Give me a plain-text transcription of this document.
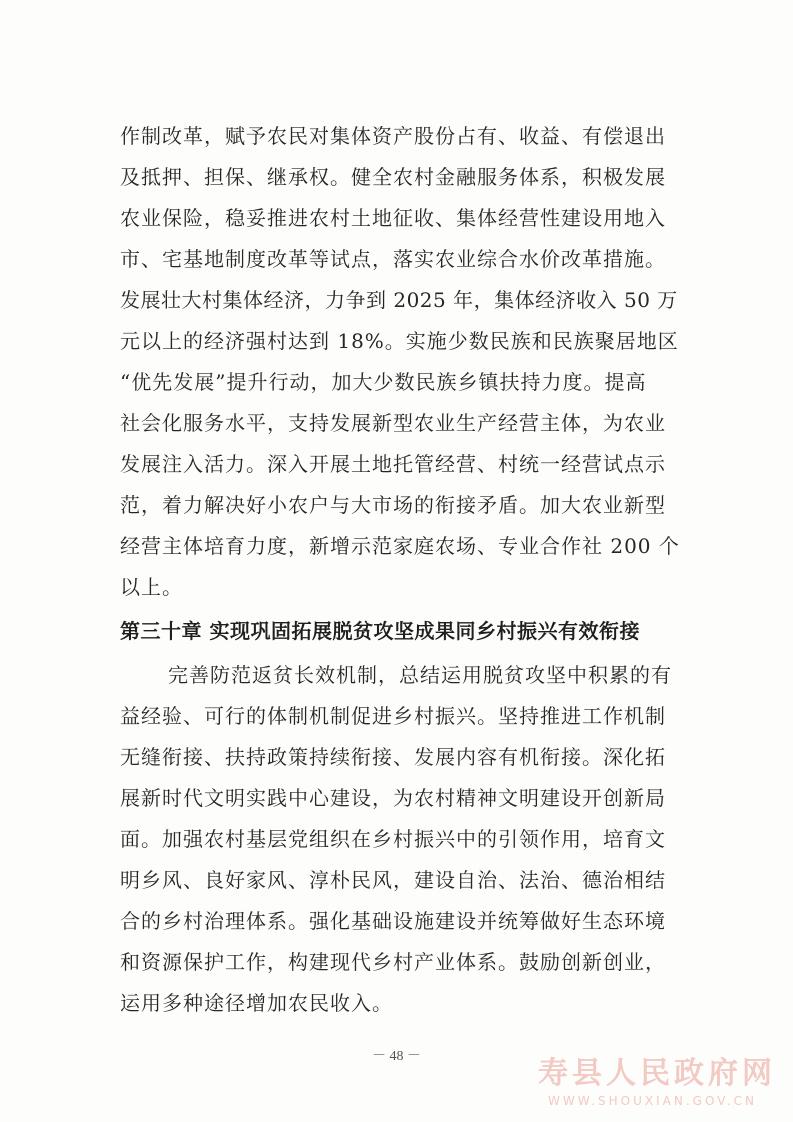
作制改革，赋予农民对集体资产股份占有、收益、有偿退出
及抵押、担保、继承权。健全农村金融服务体系，积极发展
农业保险，稳妥推进农村土地征收、集体经营性建设用地入
市、宅基地制度改革等试点，落实农业综合水价改革措施。
发展壮大村集体经济，力争到 2025 年，集体经济收入 50 万
元以上的经济强村达到 18%。实施少数民族和民族聚居地区
“优先发展”提升行动，加大少数民族乡镇扶持力度。提高
社会化服务水平，支持发展新型农业生产经营主体，为农业
发展注入活力。深入开展土地托管经营、村统一经营试点示
范，着力解决好小农户与大市场的衔接矛盾。加大农业新型
经营主体培育力度，新增示范家庭农场、专业合作社 200 个
以上。
第三十章 实现巩固拓展脱贫攻坚成果同乡村振兴有效衔接
完善防范返贫长效机制，总结运用脱贫攻坚中积累的有
益经验、可行的体制机制促进乡村振兴。坚持推进工作机制
无缝衔接、扶持政策持续衔接、发展内容有机衔接。深化拓
展新时代文明实践中心建设，为农村精神文明建设开创新局
面。加强农村基层党组织在乡村振兴中的引领作用，培育文
明乡风、良好家风、淳朴民风，建设自治、法治、德治相结
合的乡村治理体系。强化基础设施建设并统筹做好生态环境
和资源保护工作，构建现代乡村产业体系。鼓励创新创业，
运用多种途径增加农民收入。
－ 48 －	寿县人民政府网
WWW.SHOUXIAN.GOV.CN
